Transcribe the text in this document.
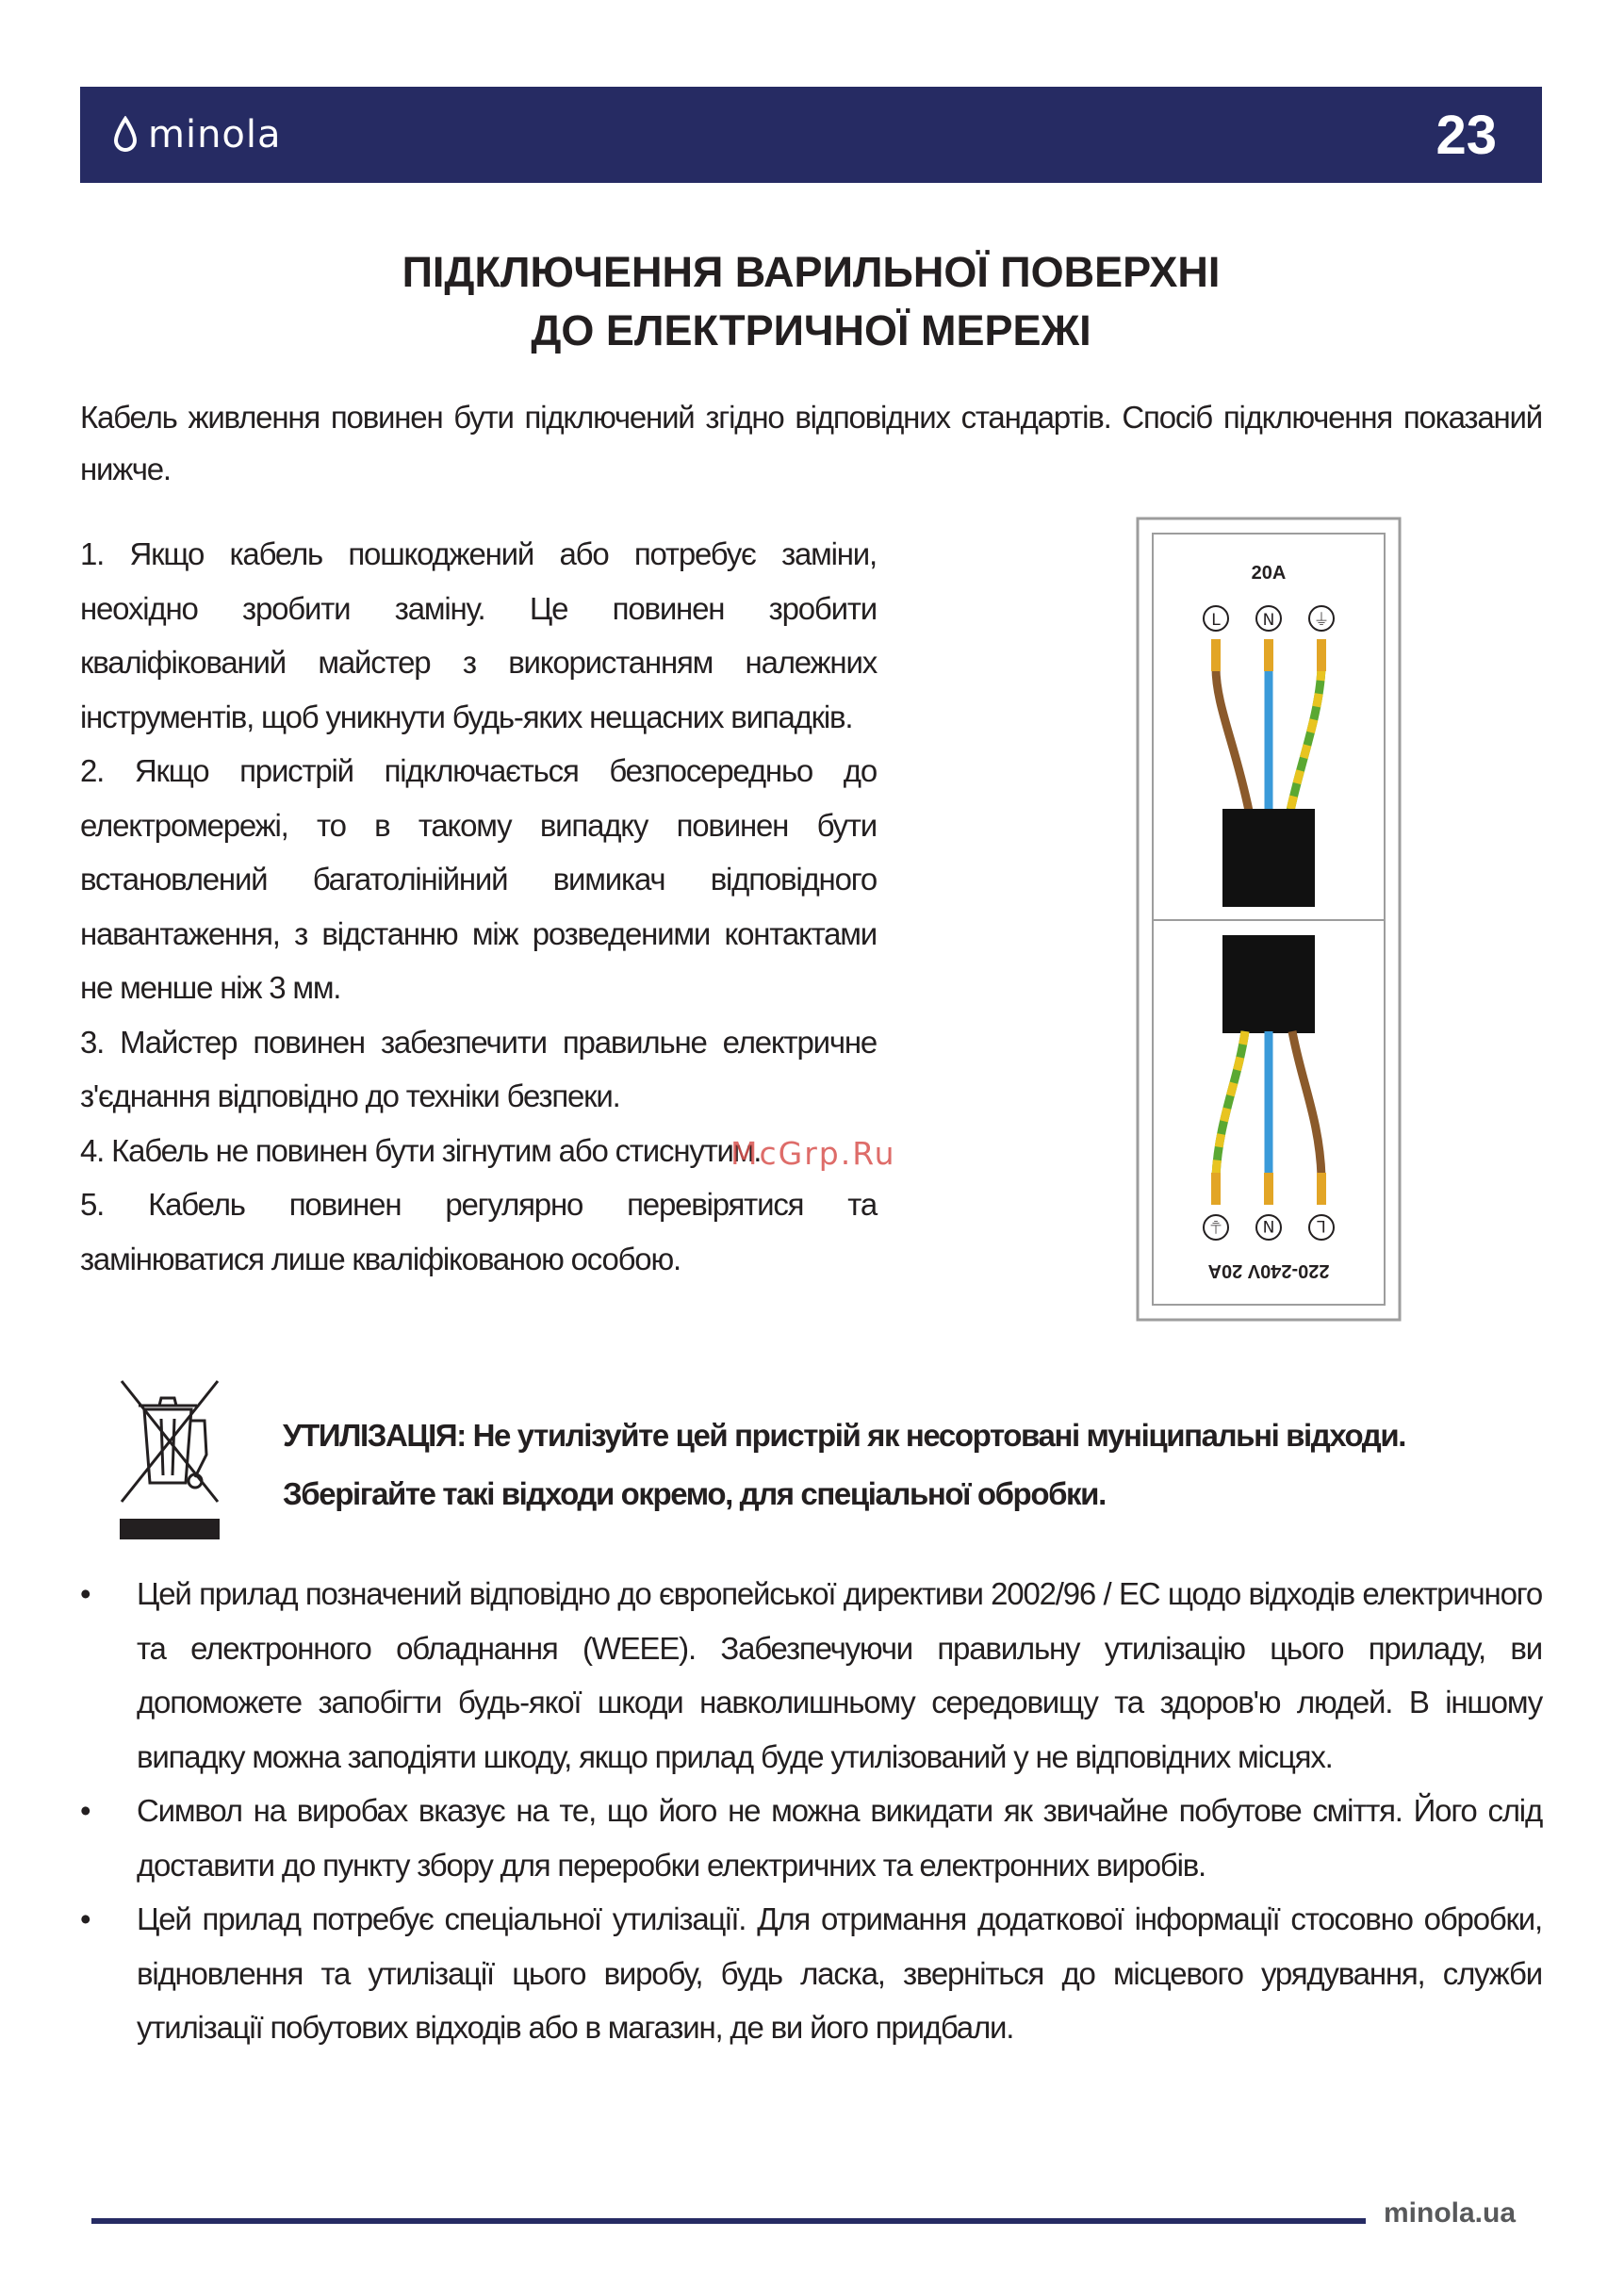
minola	23
ПІДКЛЮЧЕННЯ ВАРИЛЬНОЇ ПОВЕРХНІ
ДО ЕЛЕКТРИЧНОЇ МЕРЕЖІ
Кабель живлення повинен бути підключений згідно відповідних стандартів. Спосіб підключення показаний нижче.

1. Якщо кабель пошкоджений або потребує заміни, неохідно зробити заміну. Це повинен зробити кваліфікований майстер з використанням належних інструментів, щоб уникнути будь-яких нещасних випадків.

2. Якщо пристрій підключається безпосередньо до електромережі, то в такому випадку повинен бути встановлений багатолінійний вимикач відповідного навантаження, з відстанню між розведеними контактами не менше ніж 3 мм.

3. Майстер повинен забезпечити правильне електричне з'єднання відповідно до техніки безпеки.

4. Кабель не повинен бути зігнутим або стиснутим.

5. Кабель повинен регулярно перевірятися та замінюватися лише кваліфікованою особою.

20A
L	N ⏚
⏚ N	L
220-240V 20A
McGrp.Ru
УТИЛІЗАЦІЯ: Не утилізуйте цей пристрій як несортовані муніципальні відходи.
Зберігайте такі відходи окремо, для спеціальної обробки.
• Цей прилад позначений відповідно до європейської директиви 2002/96 / ЕС щодо відходів електричного та електронного обладнання (WEEE). Забезпечуючи правильну утилізацію цього приладу, ви допоможете запобігти будь-якої шкоди навколишньому середовищу та здоров'ю людей. В іншому випадку можна заподіяти шкоду, якщо прилад буде утилізований у не відповідних місцях.
• Символ на виробах вказує на те, що його не можна викидати як звичайне побутове сміття. Його слід доставити до пункту збору для переробки електричних та електронних виробів.
• Цей прилад потребує спеціальної утилізації. Для отримання додаткової інформації стосовно обробки, відновлення та утилізації цього виробу, будь ласка, зверніться до місцевого урядування, служби утилізації побутових відходів або в магазин, де ви його придбали.
minola.ua
